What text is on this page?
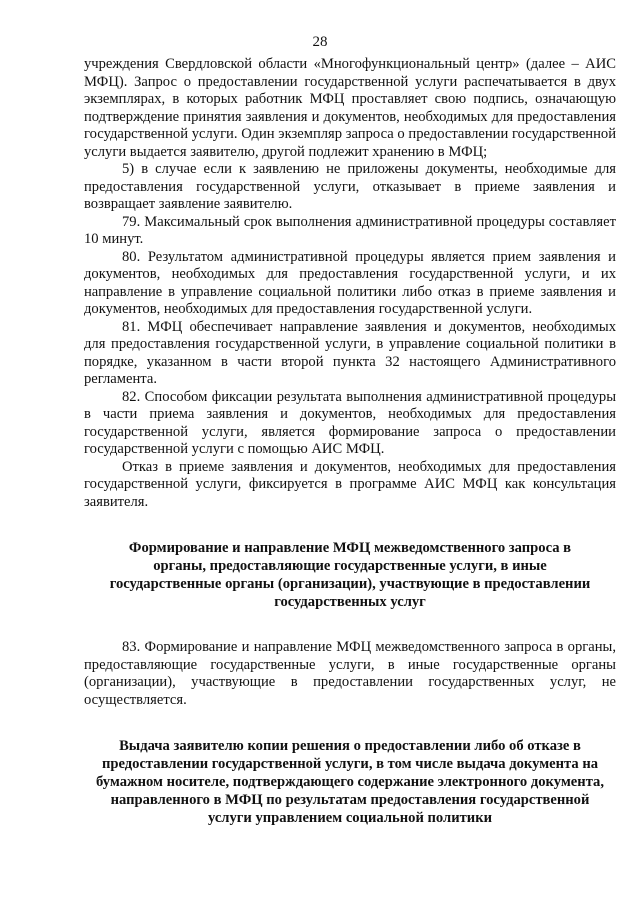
28

учреждения Свердловской области «Многофункциональный центр» (далее – АИС МФЦ). Запрос о предоставлении государственной услуги распечатывается в двух экземплярах, в которых работник МФЦ проставляет свою подпись, означающую подтверждение принятия заявления и документов, необходимых для предоставления государственной услуги. Один экземпляр запроса о предоставлении государственной услуги выдается заявителю, другой подлежит хранению в МФЦ;

5) в случае если к заявлению не приложены документы, необходимые для предоставления государственной услуги, отказывает в приеме заявления и возвращает заявление заявителю.

79. Максимальный срок выполнения административной процедуры составляет 10 минут.

80. Результатом административной процедуры является прием заявления и документов, необходимых для предоставления государственной услуги, и их направление в управление социальной политики либо отказ в приеме заявления и документов, необходимых для предоставления государственной услуги.

81. МФЦ обеспечивает направление заявления и документов, необходимых для предоставления государственной услуги, в управление социальной политики в порядке, указанном в части второй пункта 32 настоящего Административного регламента.

82. Способом фиксации результата выполнения административной процедуры в части приема заявления и документов, необходимых для предоставления государственной услуги, является формирование запроса о предоставлении государственной услуги с помощью АИС МФЦ.

Отказ в приеме заявления и документов, необходимых для предоставления государственной услуги, фиксируется в программе АИС МФЦ как консультация заявителя.

Формирование и направление МФЦ межведомственного запроса в органы, предоставляющие государственные услуги, в иные государственные органы (организации), участвующие в предоставлении государственных услуг

83. Формирование и направление МФЦ межведомственного запроса в органы, предоставляющие государственные услуги, в иные государственные органы (организации), участвующие в предоставлении государственных услуг, не осуществляется.

Выдача заявителю копии решения о предоставлении либо об отказе в предоставлении государственной услуги, в том числе выдача документа на бумажном носителе, подтверждающего содержание электронного документа, направленного в МФЦ по результатам предоставления государственной услуги управлением социальной политики
